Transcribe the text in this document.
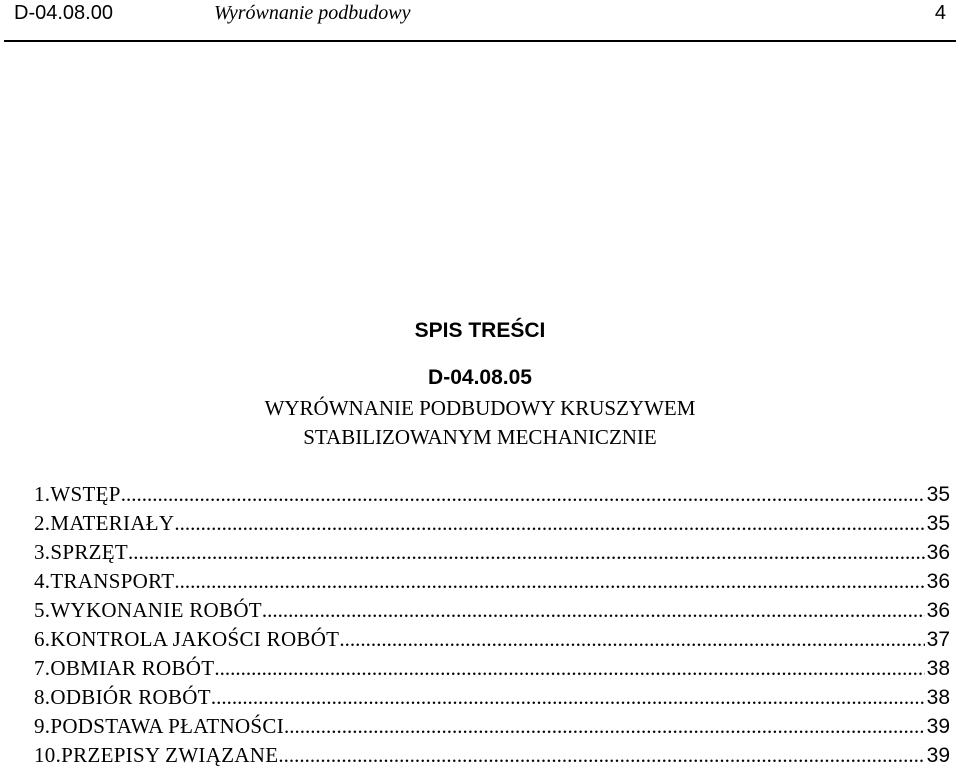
D-04.08.00	Wyrównanie podbudowy	4
SPIS TREŚCI
D-04.08.05
WYRÓWNANIE PODBUDOWY KRUSZYWEM
STABILIZOWANYM MECHANICZNIE
1. WSTĘP .....	35
2. MATERIAŁY .....	35
3. SPRZĘT .....	36
4. TRANSPORT .....	36
5. WYKONANIE ROBÓT .....	36
6. KONTROLA JAKOŚCI ROBÓT .....	37
7. OBMIAR ROBÓT .....	38
8. ODBIÓR ROBÓT .....	38
9. PODSTAWA PŁATNOŚCI .....	39
10. PRZEPISY ZWIĄZANE .....	39
